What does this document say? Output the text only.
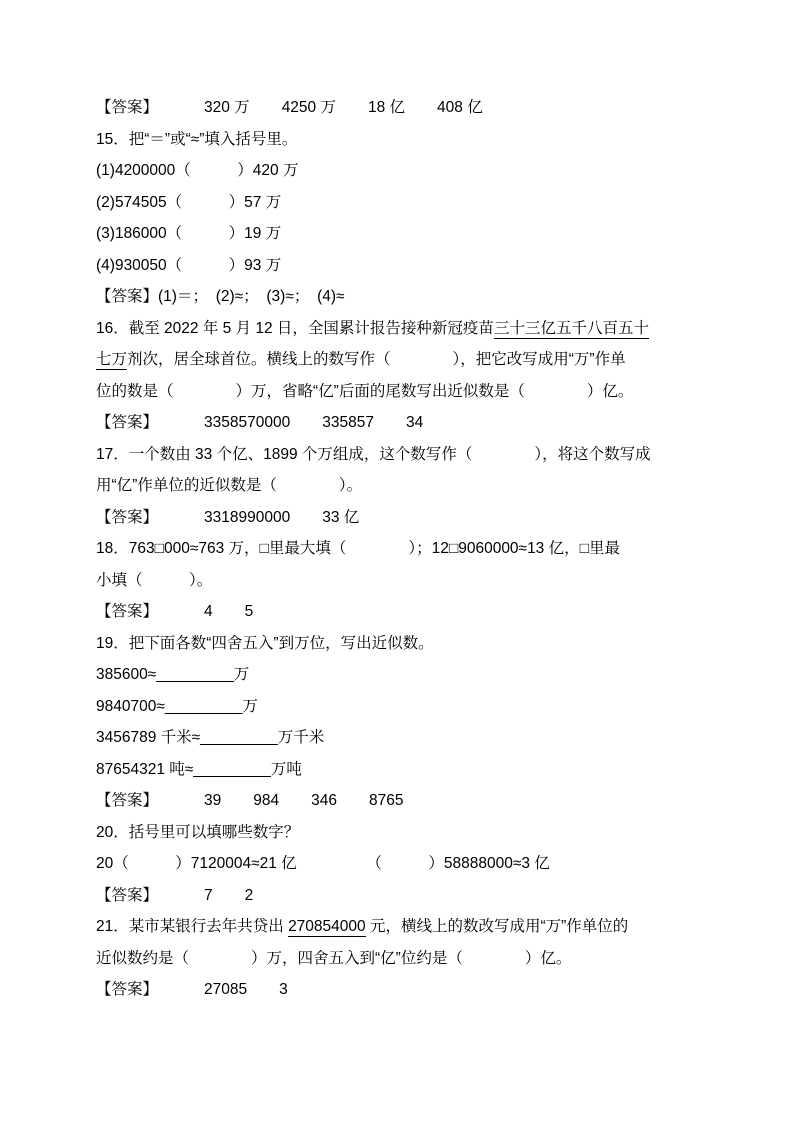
【答案】	320 万 4250 万 18 亿 408 亿
15．把“＝”或“≈”填入括号里。
(1)4200000（　　　）420 万
(2)574505（　　　）57 万
(3)186000（　　　）19 万
(4)930050（　　　）93 万
【答案】(1)＝；　(2)≈；　(3)≈；　(4)≈
16．截至 2022 年 5 月 12 日，全国累计报告接种新冠疫苗三十三亿五千八百五十
七万剂次，居全球首位。横线上的数写作（　　　　），把它改写成用“万”作单
位的数是（　　　　）万，省略“亿”后面的尾数写出近似数是（　　　　）亿。
【答案】	3358570000 335857 34
17．一个数由 33 个亿、1899 个万组成，这个数写作（　　　　），将这个数写成
用“亿”作单位的近似数是（　　　　）。
【答案】	3318990000 33 亿
18．763□000≈763 万，□里最大填（　　　　）；12□9060000≈13 亿，□里最
小填（　　　）。
【答案】	4 5
19．把下面各数“四舍五入”到万位，写出近似数。
385600≈_________万
9840700≈_________万
3456789 千米≈_________万千米
87654321 吨≈_________万吨
【答案】	39 984 346 8765
20．括号里可以填哪些数字？
20（　　　）7120004≈21 亿　　　　　（　　　）58888000≈3 亿
【答案】	7 2
21．某市某银行去年共贷出 270854000 元，横线上的数改写成用“万”作单位的
近似数约是（　　　　）万，四舍五入到“亿”位约是（　　　　）亿。
【答案】	27085 3
